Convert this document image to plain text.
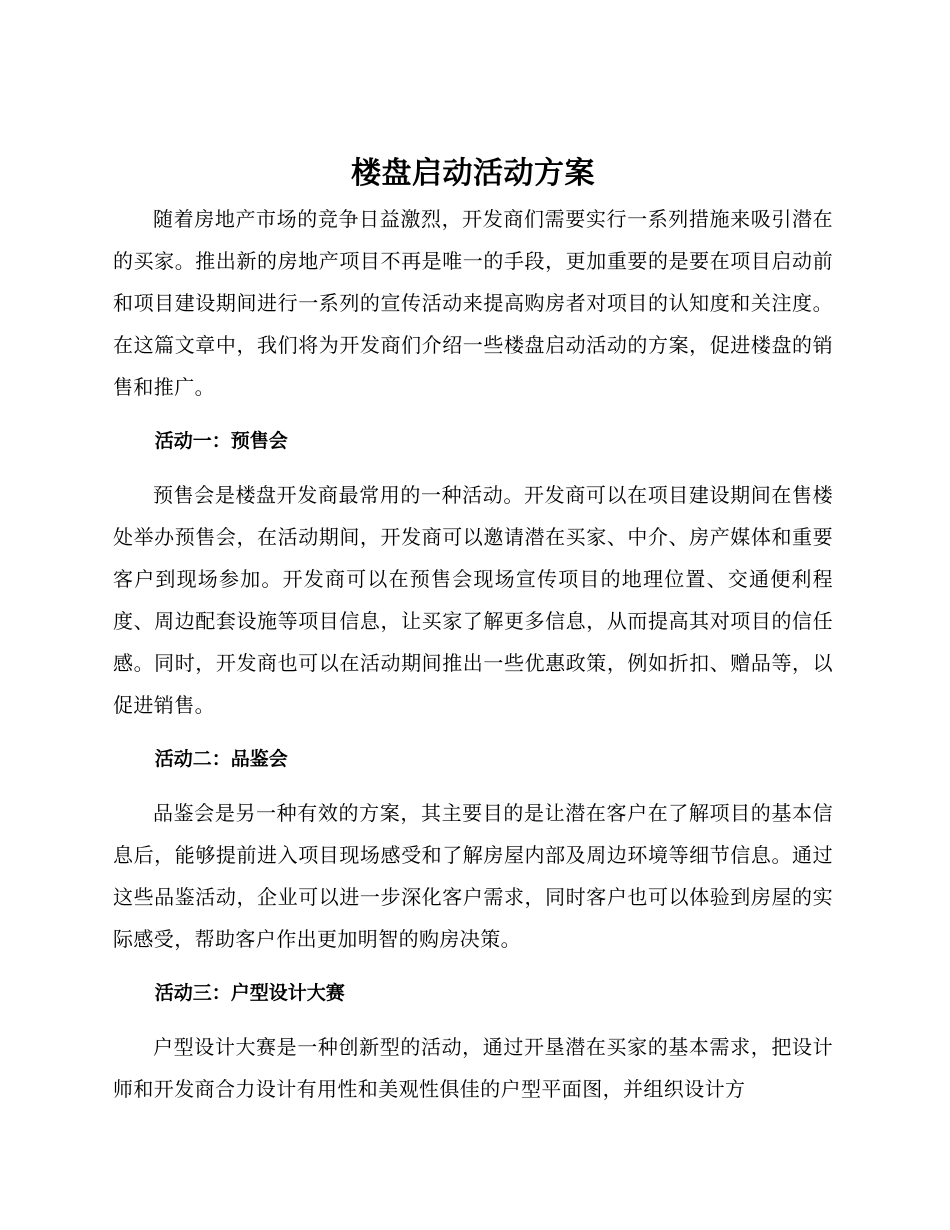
楼盘启动活动方案

随着房地产市场的竞争日益激烈，开发商们需要实行一系列措施来吸引潜在的买家。推出新的房地产项目不再是唯一的手段，更加重要的是要在项目启动前和项目建设期间进行一系列的宣传活动来提高购房者对项目的认知度和关注度。在这篇文章中，我们将为开发商们介绍一些楼盘启动活动的方案，促进楼盘的销售和推广。

活动一：预售会

预售会是楼盘开发商最常用的一种活动。开发商可以在项目建设期间在售楼处举办预售会，在活动期间，开发商可以邀请潜在买家、中介、房产媒体和重要客户到现场参加。开发商可以在预售会现场宣传项目的地理位置、交通便利程度、周边配套设施等项目信息，让买家了解更多信息，从而提高其对项目的信任感。同时，开发商也可以在活动期间推出一些优惠政策，例如折扣、赠品等，以促进销售。

活动二：品鉴会

品鉴会是另一种有效的方案，其主要目的是让潜在客户在了解项目的基本信息后，能够提前进入项目现场感受和了解房屋内部及周边环境等细节信息。通过这些品鉴活动，企业可以进一步深化客户需求，同时客户也可以体验到房屋的实际感受，帮助客户作出更加明智的购房决策。

活动三：户型设计大赛

户型设计大赛是一种创新型的活动，通过开垦潜在买家的基本需求，把设计师和开发商合力设计有用性和美观性俱佳的户型平面图，并组织设计方
